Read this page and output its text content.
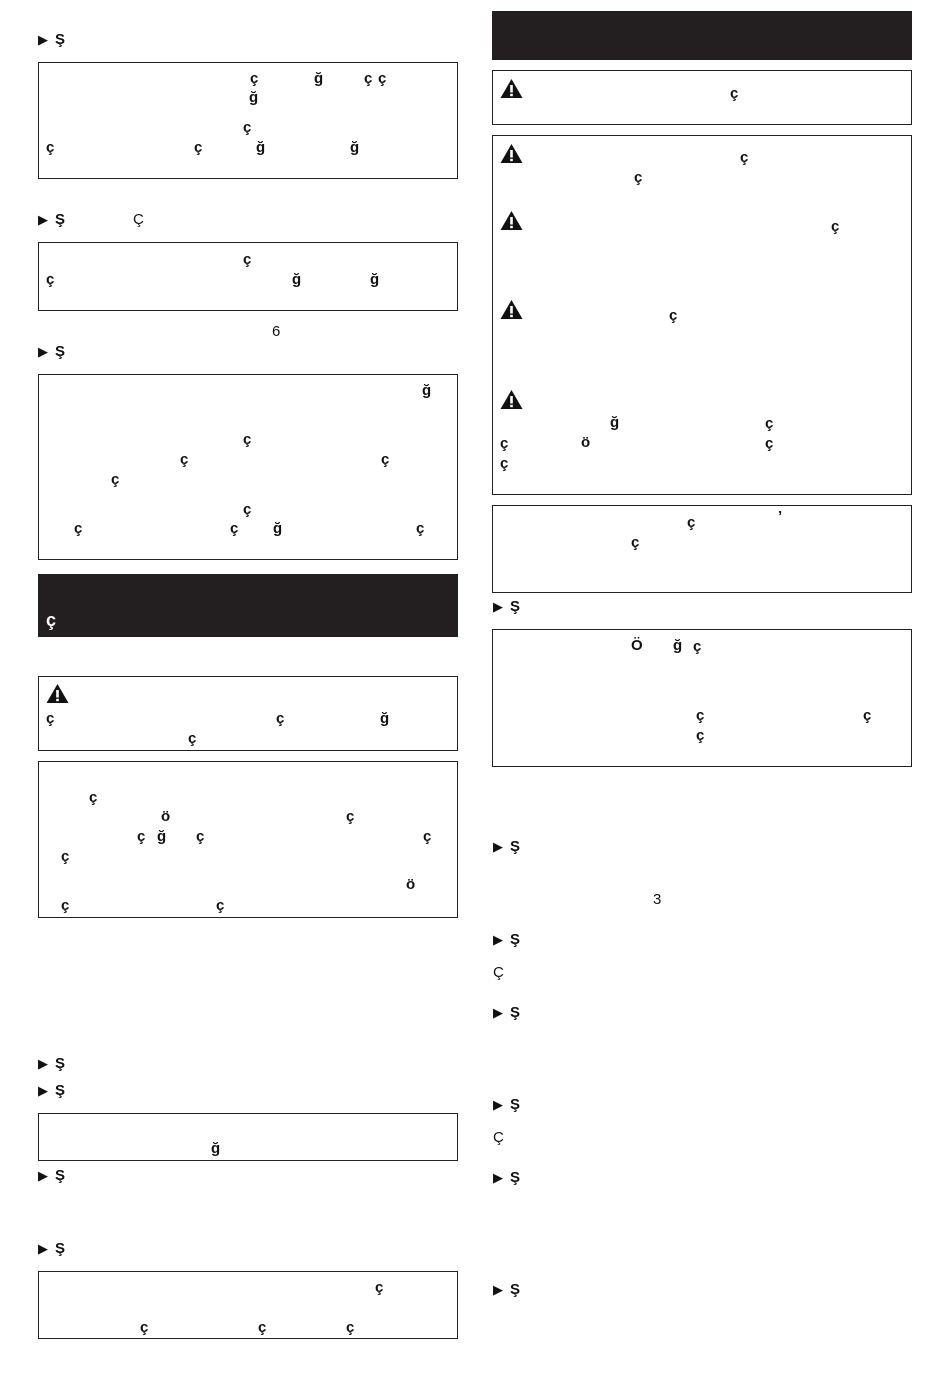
▶ Ş
ç	ğ	ç ç
ğ
ç
ç	ç	ğ	ğ
▶ Ş	Ç
ç
ç	ğ	ğ
6
▶ Ş
ğ
ç
ç	ç
ç
ç
ç	ç ğ	ç
ç
ç	ç	ğ
ç
ç
ö	ç
ç ğ ç	ç
ç
ö
ç	ç
▶ Ş
▶ Ş
ğ
▶ Ş
▶ Ş
ç
ç	ç	ç
ç
ç
ç
ç
ç
ğ	ç
ç	ö	ç
ç
ç	’
ç
▶ Ş
Ö ğ ç
ç	ç
ç
▶ Ş
3
▶ Ş
Ç
▶ Ş
▶ Ş
Ç
▶ Ş
▶ Ş
